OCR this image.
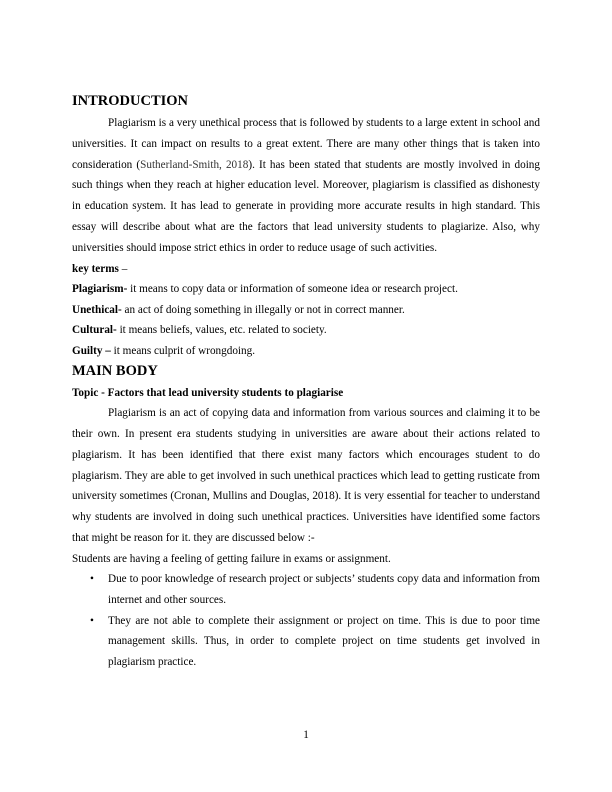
INTRODUCTION

Plagiarism is a very unethical process that is followed by students to a large extent in school and universities. It can impact on results to a great extent. There are many other things that is taken into consideration (Sutherland-Smith, 2018). It has been stated that students are mostly involved in doing such things when they reach at higher education level. Moreover, plagiarism is classified as dishonesty in education system. It has lead to generate in providing more accurate results in high standard. This essay will describe about what are the factors that lead university students to plagiarize. Also, why universities should impose strict ethics in order to reduce usage of such activities.

key terms –

Plagiarism- it means to copy data or information of someone idea or research project.

Unethical- an act of doing something in illegally or not in correct manner.

Cultural- it means beliefs, values, etc. related to society.

Guilty – it means culprit of wrongdoing.

MAIN BODY

Topic - Factors that lead university students to plagiarise

Plagiarism is an act of copying data and information from various sources and claiming it to be their own. In present era students studying in universities are aware about their actions related to plagiarism. It has been identified that there exist many factors which encourages student to do plagiarism. They are able to get involved in such unethical practices which lead to getting rusticate from university sometimes (Cronan, Mullins and Douglas, 2018). It is very essential for teacher to understand why students are involved in doing such unethical practices. Universities have identified some factors that might be reason for it. they are discussed below :-

Students are having a feeling of getting failure in exams or assignment.

• Due to poor knowledge of research project or subjects’ students copy data and information from internet and other sources.
• They are not able to complete their assignment or project on time. This is due to poor time management skills. Thus, in order to complete project on time students get involved in plagiarism practice.
1
